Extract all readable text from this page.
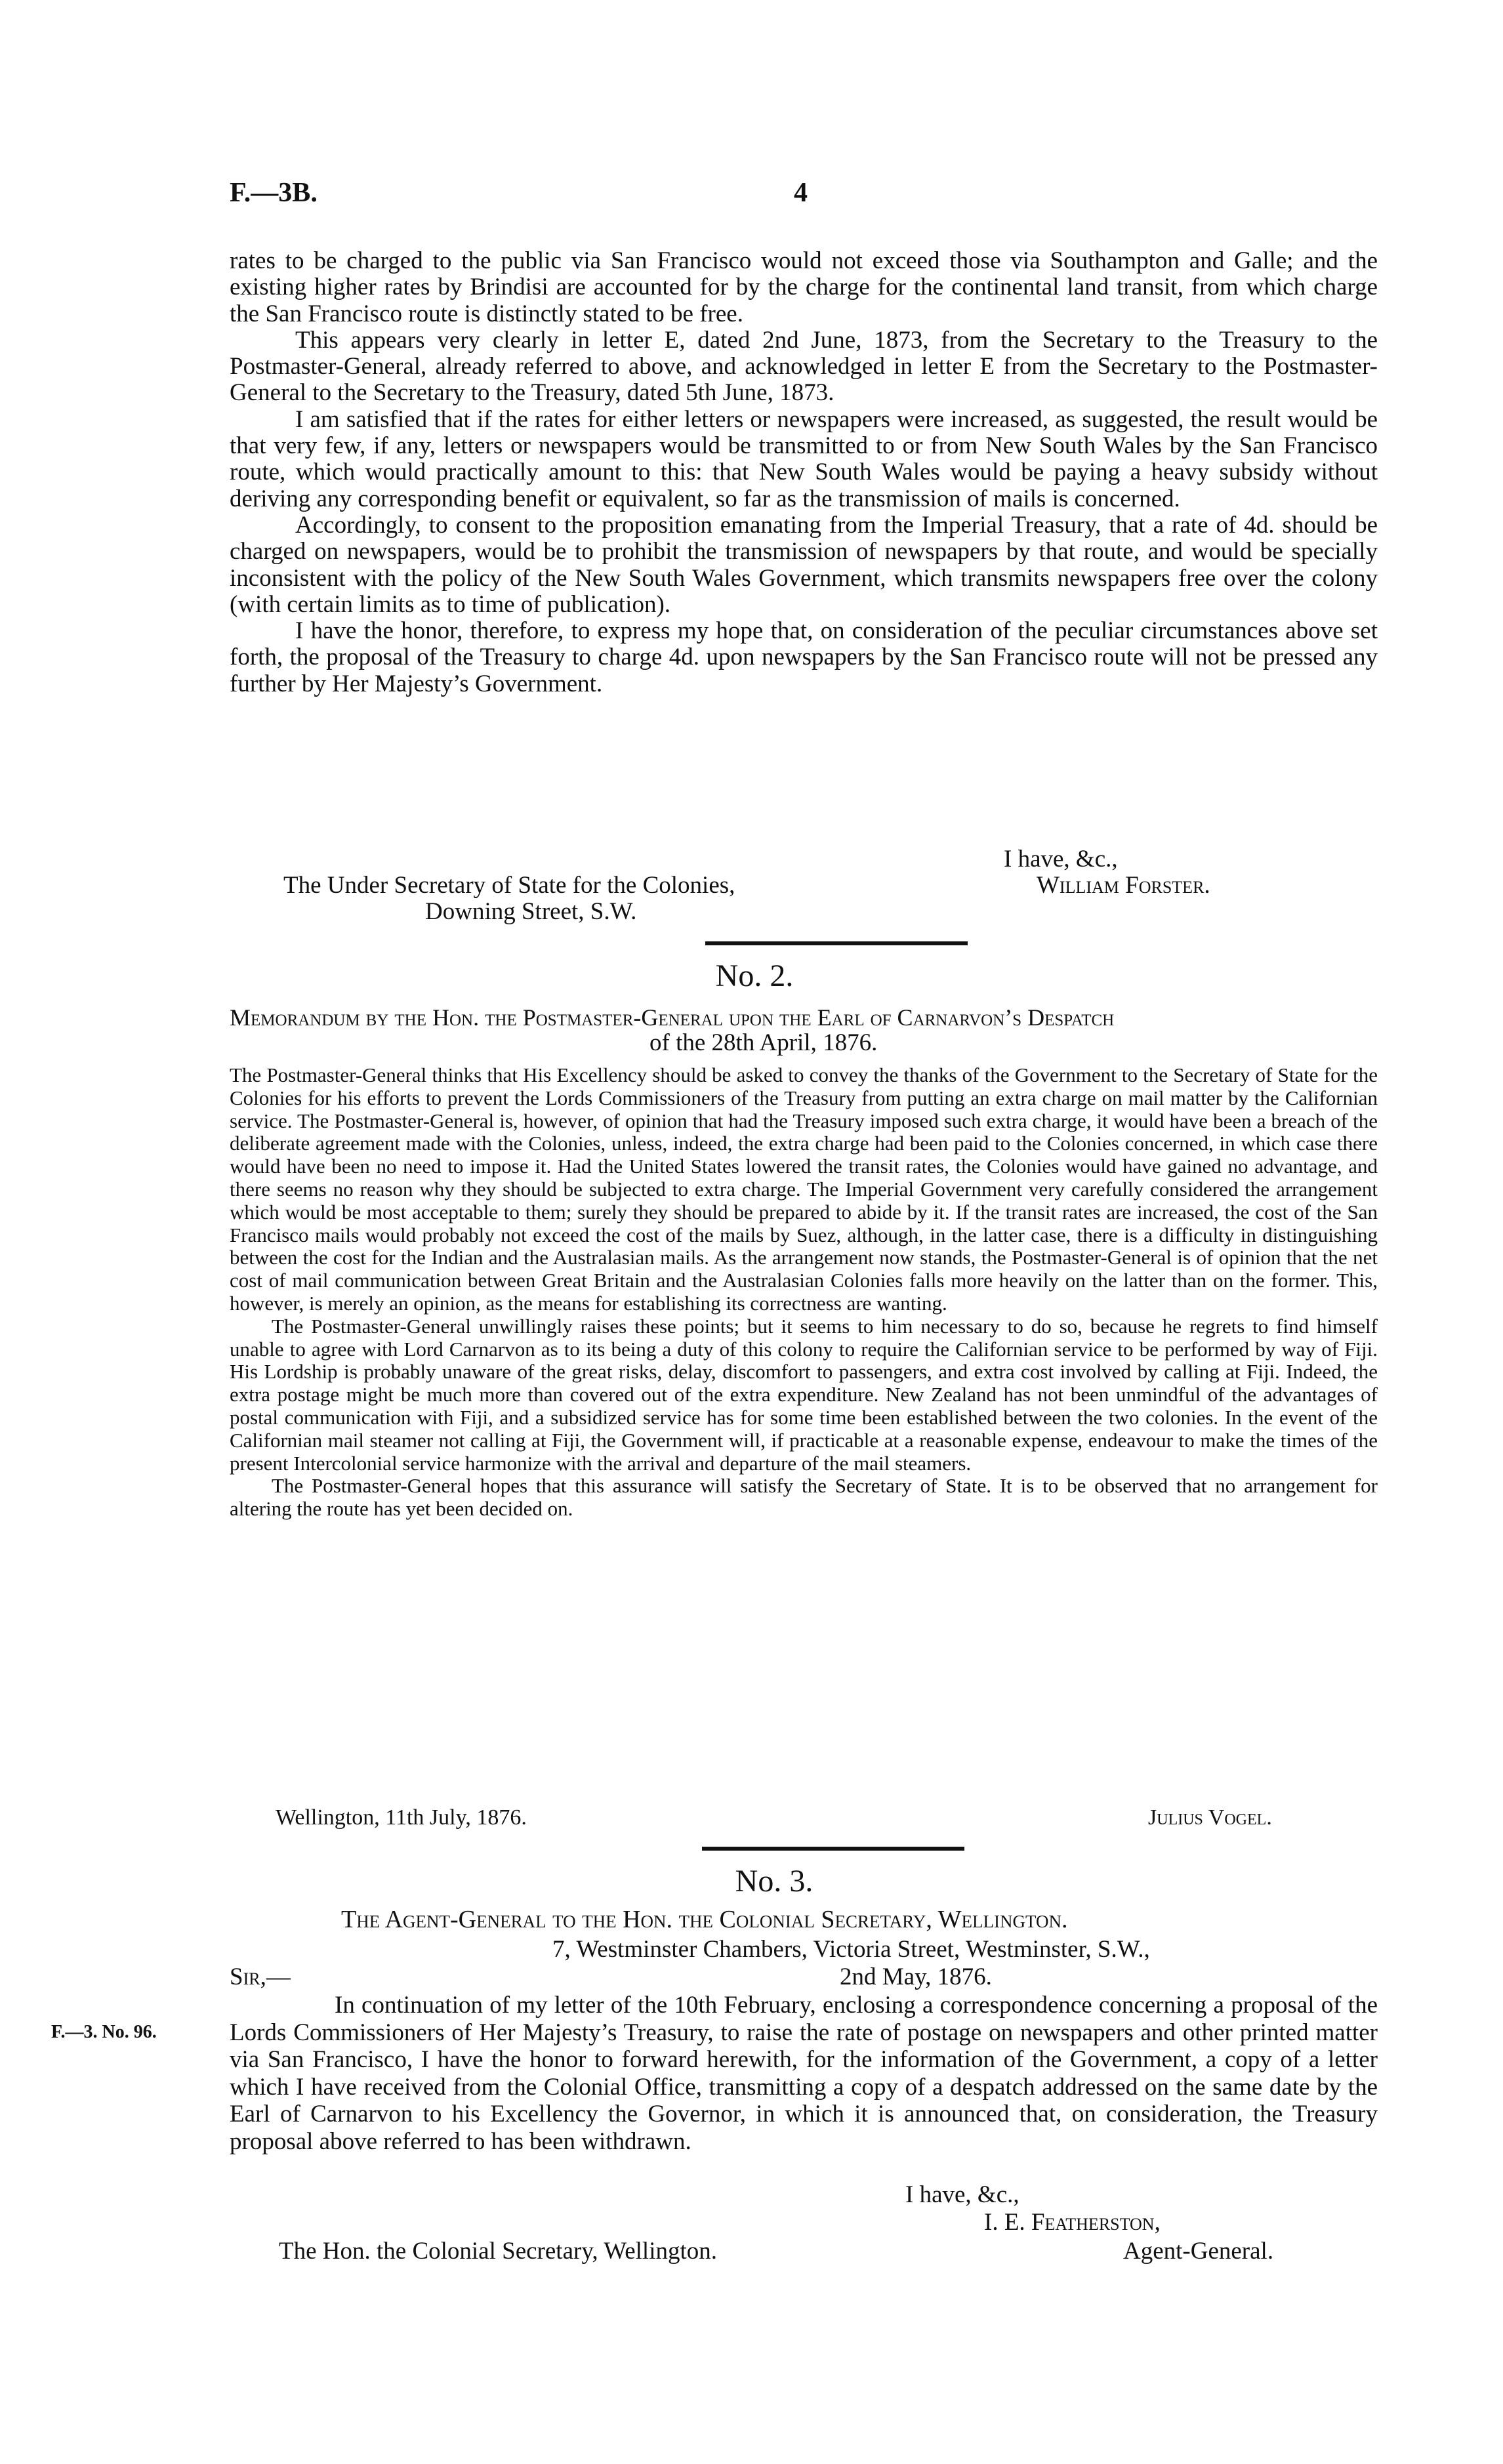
F.—3B.	4

rates to be charged to the public via San Francisco would not exceed those via Southampton and Galle; and the existing higher rates by Brindisi are accounted for by the charge for the continental land transit, from which charge the San Francisco route is distinctly stated to be free.

This appears very clearly in letter E, dated 2nd June, 1873, from the Secretary to the Treasury to the Postmaster-General, already referred to above, and acknowledged in letter E from the Secretary to the Postmaster-General to the Secretary to the Treasury, dated 5th June, 1873.

I am satisfied that if the rates for either letters or newspapers were increased, as suggested, the result would be that very few, if any, letters or newspapers would be transmitted to or from New South Wales by the San Francisco route, which would practically amount to this: that New South Wales would be paying a heavy subsidy without deriving any corresponding benefit or equivalent, so far as the transmission of mails is concerned.

Accordingly, to consent to the proposition emanating from the Imperial Treasury, that a rate of 4d. should be charged on newspapers, would be to prohibit the transmission of newspapers by that route, and would be specially inconsistent with the policy of the New South Wales Government, which transmits newspapers free over the colony (with certain limits as to time of publication).

I have the honor, therefore, to express my hope that, on consideration of the peculiar circumstances above set forth, the proposal of the Treasury to charge 4d. upon newspapers by the San Francisco route will not be pressed any further by Her Majesty’s Government.

I have, &c.,
The Under Secretary of State for the Colonies,	William Forster.
Downing Street, S.W.
No. 2.
Memorandum by the Hon. the Postmaster-General upon the Earl of Carnarvon’s Despatch
of the 28th April, 1876.

The Postmaster-General thinks that His Excellency should be asked to convey the thanks of the Government to the Secretary of State for the Colonies for his efforts to prevent the Lords Commissioners of the Treasury from putting an extra charge on mail matter by the Californian service. The Postmaster-General is, however, of opinion that had the Treasury imposed such extra charge, it would have been a breach of the deliberate agreement made with the Colonies, unless, indeed, the extra charge had been paid to the Colonies concerned, in which case there would have been no need to impose it. Had the United States lowered the transit rates, the Colonies would have gained no advantage, and there seems no reason why they should be subjected to extra charge. The Imperial Government very carefully considered the arrangement which would be most acceptable to them; surely they should be prepared to abide by it. If the transit rates are increased, the cost of the San Francisco mails would probably not exceed the cost of the mails by Suez, although, in the latter case, there is a difficulty in distinguishing between the cost for the Indian and the Australasian mails. As the arrangement now stands, the Postmaster-General is of opinion that the net cost of mail communication between Great Britain and the Australasian Colonies falls more heavily on the latter than on the former. This, however, is merely an opinion, as the means for establishing its correctness are wanting.

The Postmaster-General unwillingly raises these points; but it seems to him necessary to do so, because he regrets to find himself unable to agree with Lord Carnarvon as to its being a duty of this colony to require the Californian service to be performed by way of Fiji. His Lordship is probably unaware of the great risks, delay, discomfort to passengers, and extra cost involved by calling at Fiji. Indeed, the extra postage might be much more than covered out of the extra expenditure. New Zealand has not been unmindful of the advantages of postal communication with Fiji, and a subsidized service has for some time been established between the two colonies. In the event of the Californian mail steamer not calling at Fiji, the Government will, if practicable at a reasonable expense, endeavour to make the times of the present Intercolonial service harmonize with the arrival and departure of the mail steamers.

The Postmaster-General hopes that this assurance will satisfy the Secretary of State. It is to be observed that no arrangement for altering the route has yet been decided on.

Wellington, 11th July, 1876.	Julius Vogel.
No. 3.
The Agent-General to the Hon. the Colonial Secretary, Wellington.
7, Westminster Chambers, Victoria Street, Westminster, S.W.,
Sir,—	2nd May, 1876.
F.—3. No. 96.

In continuation of my letter of the 10th February, enclosing a correspondence concerning a proposal of the Lords Commissioners of Her Majesty’s Treasury, to raise the rate of postage on newspapers and other printed matter via San Francisco, I have the honor to forward herewith, for the information of the Government, a copy of a letter which I have received from the Colonial Office, transmitting a copy of a despatch addressed on the same date by the Earl of Carnarvon to his Excellency the Governor, in which it is announced that, on consideration, the Treasury proposal above referred to has been withdrawn.

I have, &c.,
I. E. Featherston,
The Hon. the Colonial Secretary, Wellington.	Agent-General.
